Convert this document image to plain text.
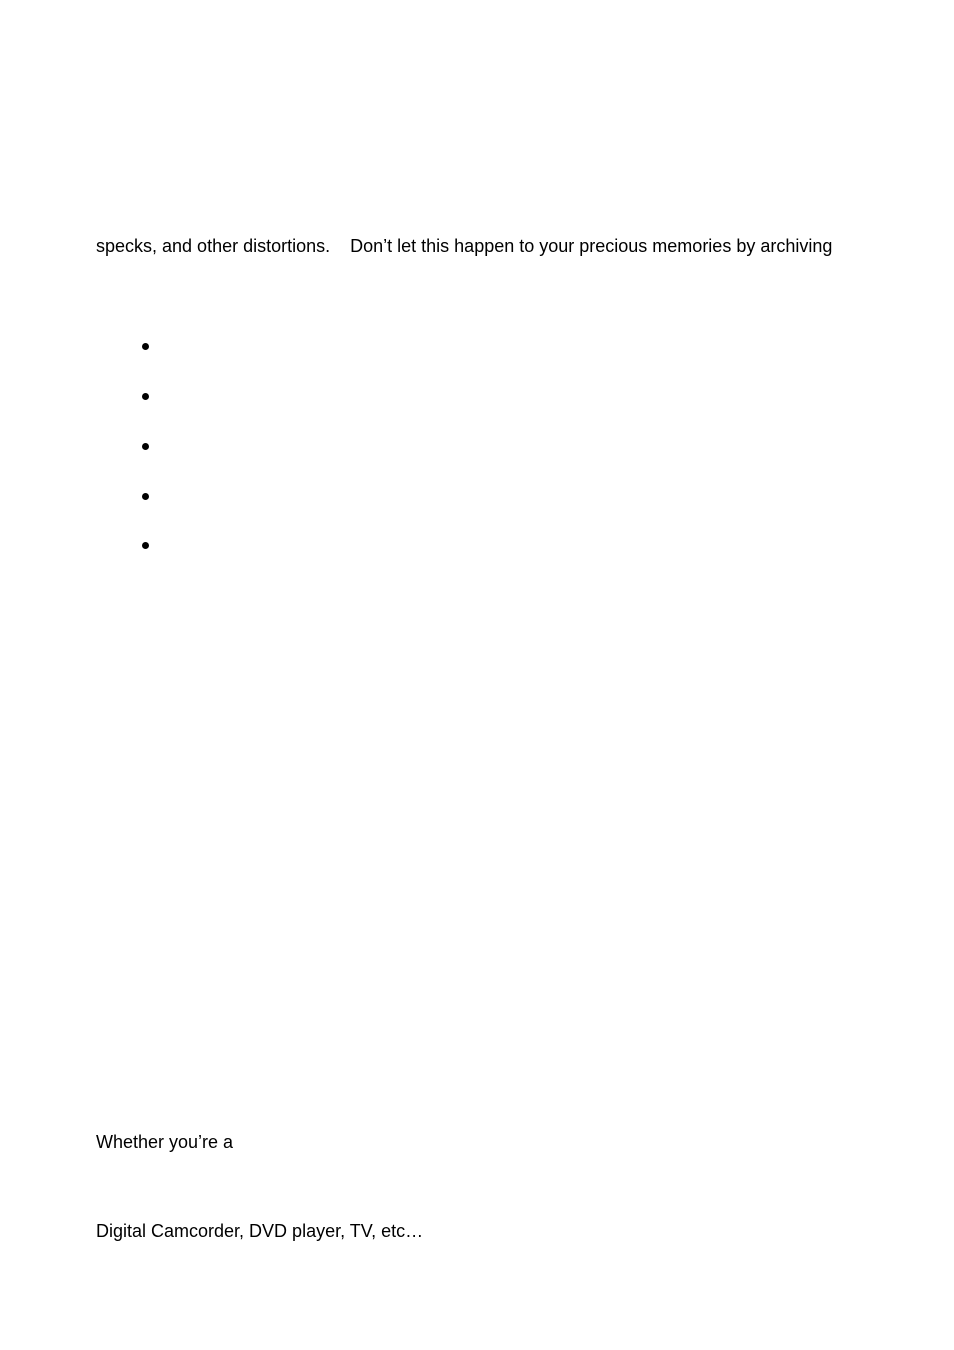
specks, and other distortions.    Don’t let this happen to your precious memories by archiving
Whether you’re a
Digital Camcorder, DVD player, TV, etc…
